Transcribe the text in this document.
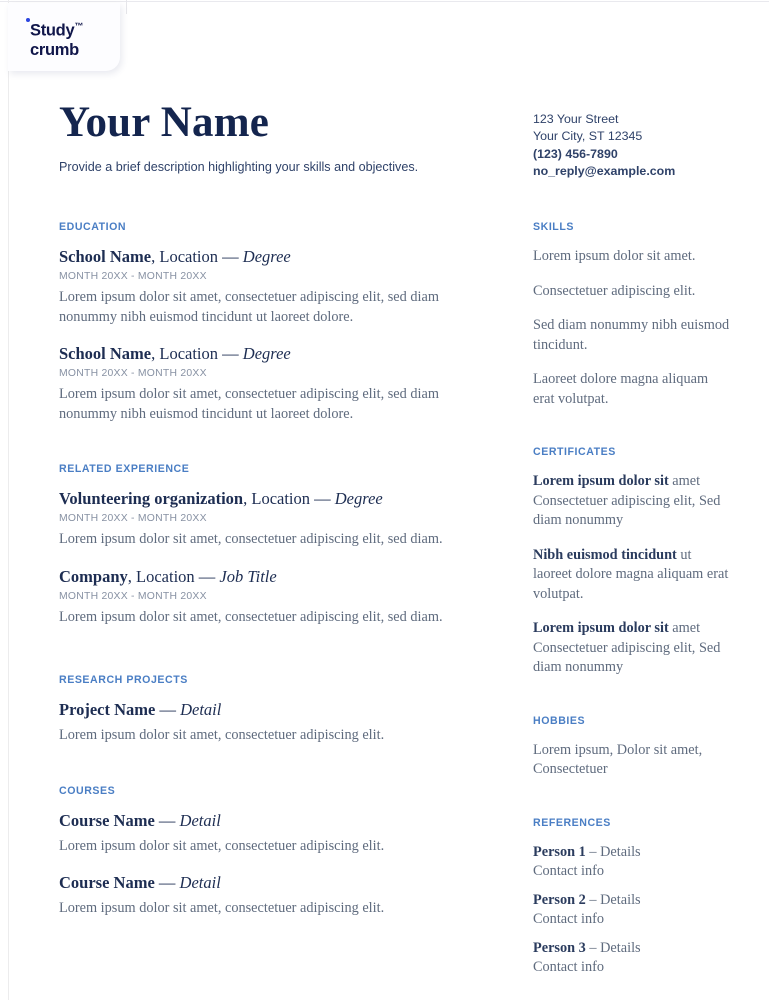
Study™
crumb
Your Name

Provide a brief description highlighting your skills and objectives.

123 Your Street
Your City, ST 12345
(123) 456-7890
no_reply@example.com
EDUCATION
School Name, Location — Degree
MONTH 20XX - MONTH 20XX
Lorem ipsum dolor sit amet, consectetuer adipiscing elit, sed diam nonummy nibh euismod tincidunt ut laoreet dolore.
School Name, Location — Degree
MONTH 20XX - MONTH 20XX
Lorem ipsum dolor sit amet, consectetuer adipiscing elit, sed diam nonummy nibh euismod tincidunt ut laoreet dolore.
RELATED EXPERIENCE
Volunteering organization, Location — Degree
MONTH 20XX - MONTH 20XX
Lorem ipsum dolor sit amet, consectetuer adipiscing elit, sed diam.
Company, Location — Job Title
MONTH 20XX - MONTH 20XX
Lorem ipsum dolor sit amet, consectetuer adipiscing elit, sed diam.
RESEARCH PROJECTS
Project Name — Detail
Lorem ipsum dolor sit amet, consectetuer adipiscing elit.
COURSES
Course Name — Detail
Lorem ipsum dolor sit amet, consectetuer adipiscing elit.
Course Name — Detail
Lorem ipsum dolor sit amet, consectetuer adipiscing elit.
SKILLS
Lorem ipsum dolor sit amet.
Consectetuer adipiscing elit.
Sed diam nonummy nibh euismod tincidunt.
Laoreet dolore magna aliquam erat volutpat.
CERTIFICATES
Lorem ipsum dolor sit amet Consectetuer adipiscing elit, Sed diam nonummy
Nibh euismod tincidunt ut laoreet dolore magna aliquam erat volutpat.
Lorem ipsum dolor sit amet Consectetuer adipiscing elit, Sed diam nonummy
HOBBIES
Lorem ipsum, Dolor sit amet, Consectetuer
REFERENCES
Person 1 – Details
Contact info
Person 2 – Details
Contact info
Person 3 – Details
Contact info
